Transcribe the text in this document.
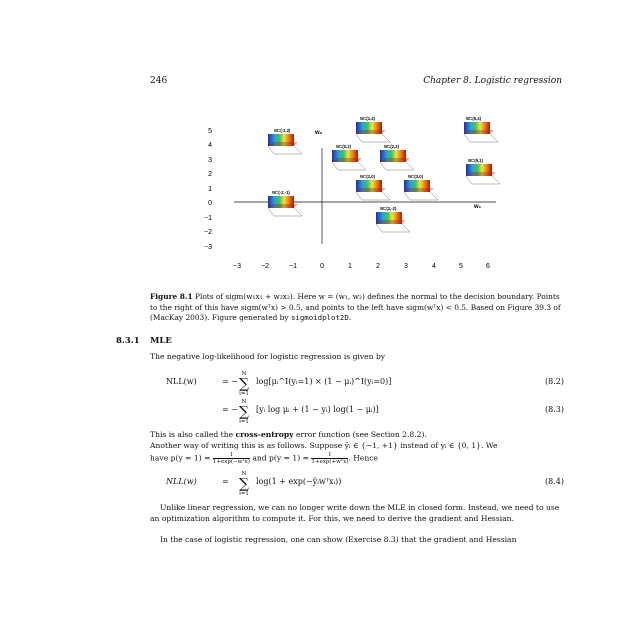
246	Chapter 8. Logistic regression
w₂
w₁
5
4
3
2
1
0
−1
−2
−3
−3	−2	−1	0	1	2	3	4	5	6
W=(-2,3)
W=(1,4)	W=(5,4)
W=(0,2)	W=(2,2)
W=(1,0)	W=(3,0)
W=(5,1)
W=(-2,-1)
W=(2,-2)
Figure 8.1 Plots of sigm(w₁x₁ + w₂x₂). Here w = (w₁, w₂) defines the normal to the decision boundary. Points to the right of this have sigm(wᵀx) > 0.5, and points to the left have sigm(wᵀx) < 0.5. Based on Figure 39.3 of (MacKay 2003). Figure generated by sigmoidplot2D.
8.3.1 MLE
The negative log-likelihood for logistic regression is given by
NLL(w)	= −
N
∑
i=1
log[μᵢ^I(yᵢ=1) × (1 − μᵢ)^I(yᵢ=0)]	(8.2)
= −
N
∑
i=1
[yᵢ log μᵢ + (1 − yᵢ) log(1 − μᵢ)]	(8.3)
This is also called the cross-entropy error function (see Section 2.8.2).
Another way of writing this is as follows. Suppose ỹᵢ ∈ {−1, +1} instead of yᵢ ∈ {0, 1}. We
have $p(y = 1) = \frac{1}{\text{1+exp(−wᵀx)}}$ and $p(y = 1) = \frac{1}{\text{1+exp(+wᵀx)}}$ . Hence
NLL(w)	=
N
∑
i=1
log(1 + exp(−ỹᵢwᵀxᵢ))	(8.4)
Unlike linear regression, we can no longer write down the MLE in closed form. Instead, we need to use an optimization algorithm to compute it. For this, we need to derive the gradient and Hessian.
In the case of logistic regression, one can show (Exercise 8.3) that the gradient and Hessian
